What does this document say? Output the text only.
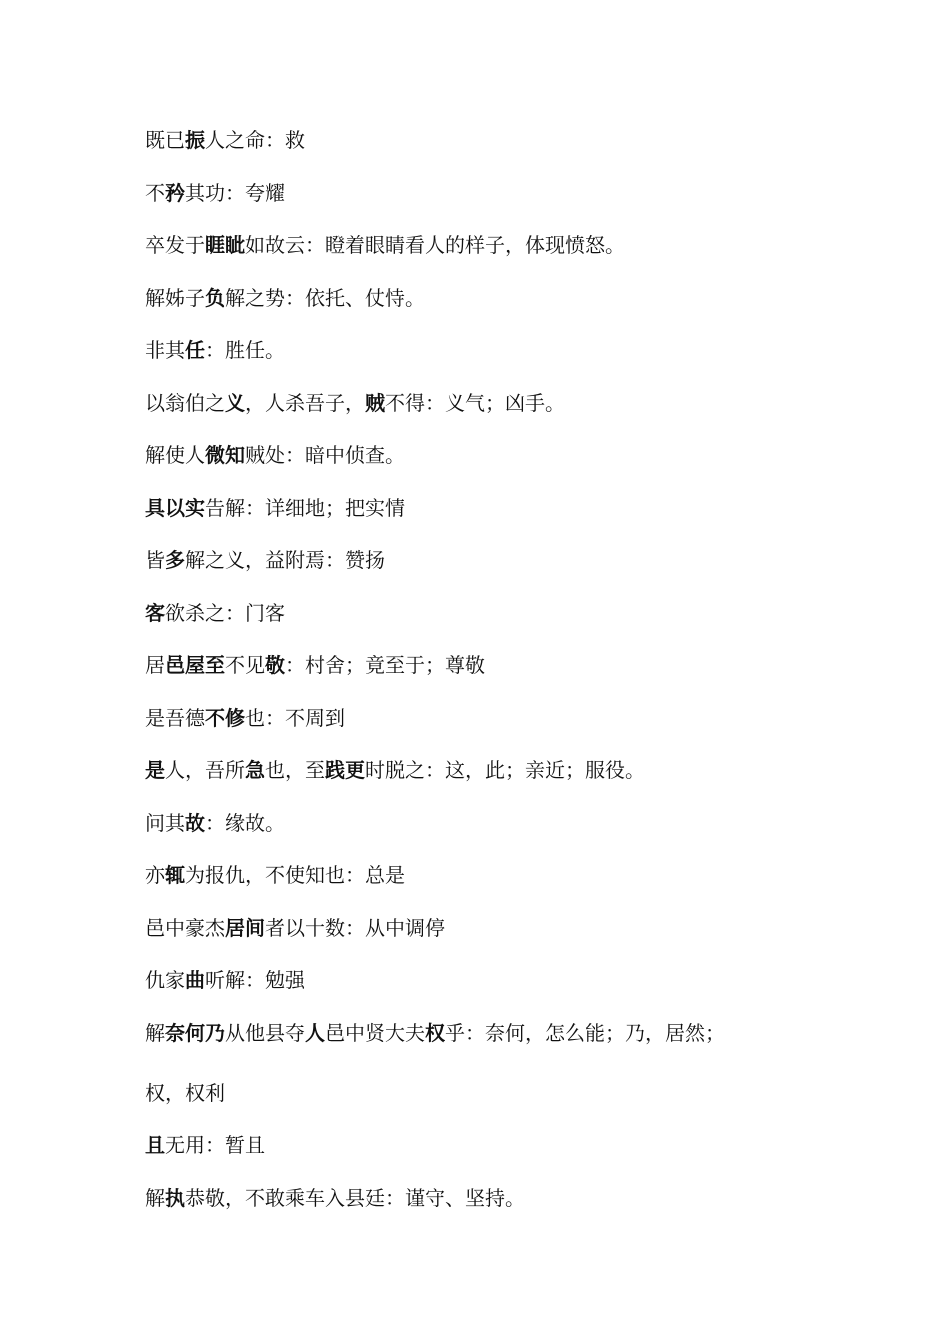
既已振人之命：救
不矜其功：夸耀
卒发于睚眦如故云：瞪着眼睛看人的样子，体现愤怒。
解姊子负解之势：依托、仗恃。
非其任：胜任。
以翁伯之义，人杀吾子，贼不得：义气；凶手。
解使人微知贼处：暗中侦查。
具以实告解：详细地；把实情
皆多解之义，益附焉：赞扬
客欲杀之：门客
居邑屋至不见敬：村舍；竟至于；尊敬
是吾德不修也：不周到
是人，吾所急也，至践更时脱之：这，此；亲近；服役。
问其故：缘故。
亦辄为报仇，不使知也：总是
邑中豪杰居间者以十数：从中调停
仇家曲听解：勉强
解奈何乃从他县夺人邑中贤大夫权乎：奈何，怎么能；乃，居然；
权，权利
且无用：暂且
解执恭敬，不敢乘车入县廷：谨守、坚持。
